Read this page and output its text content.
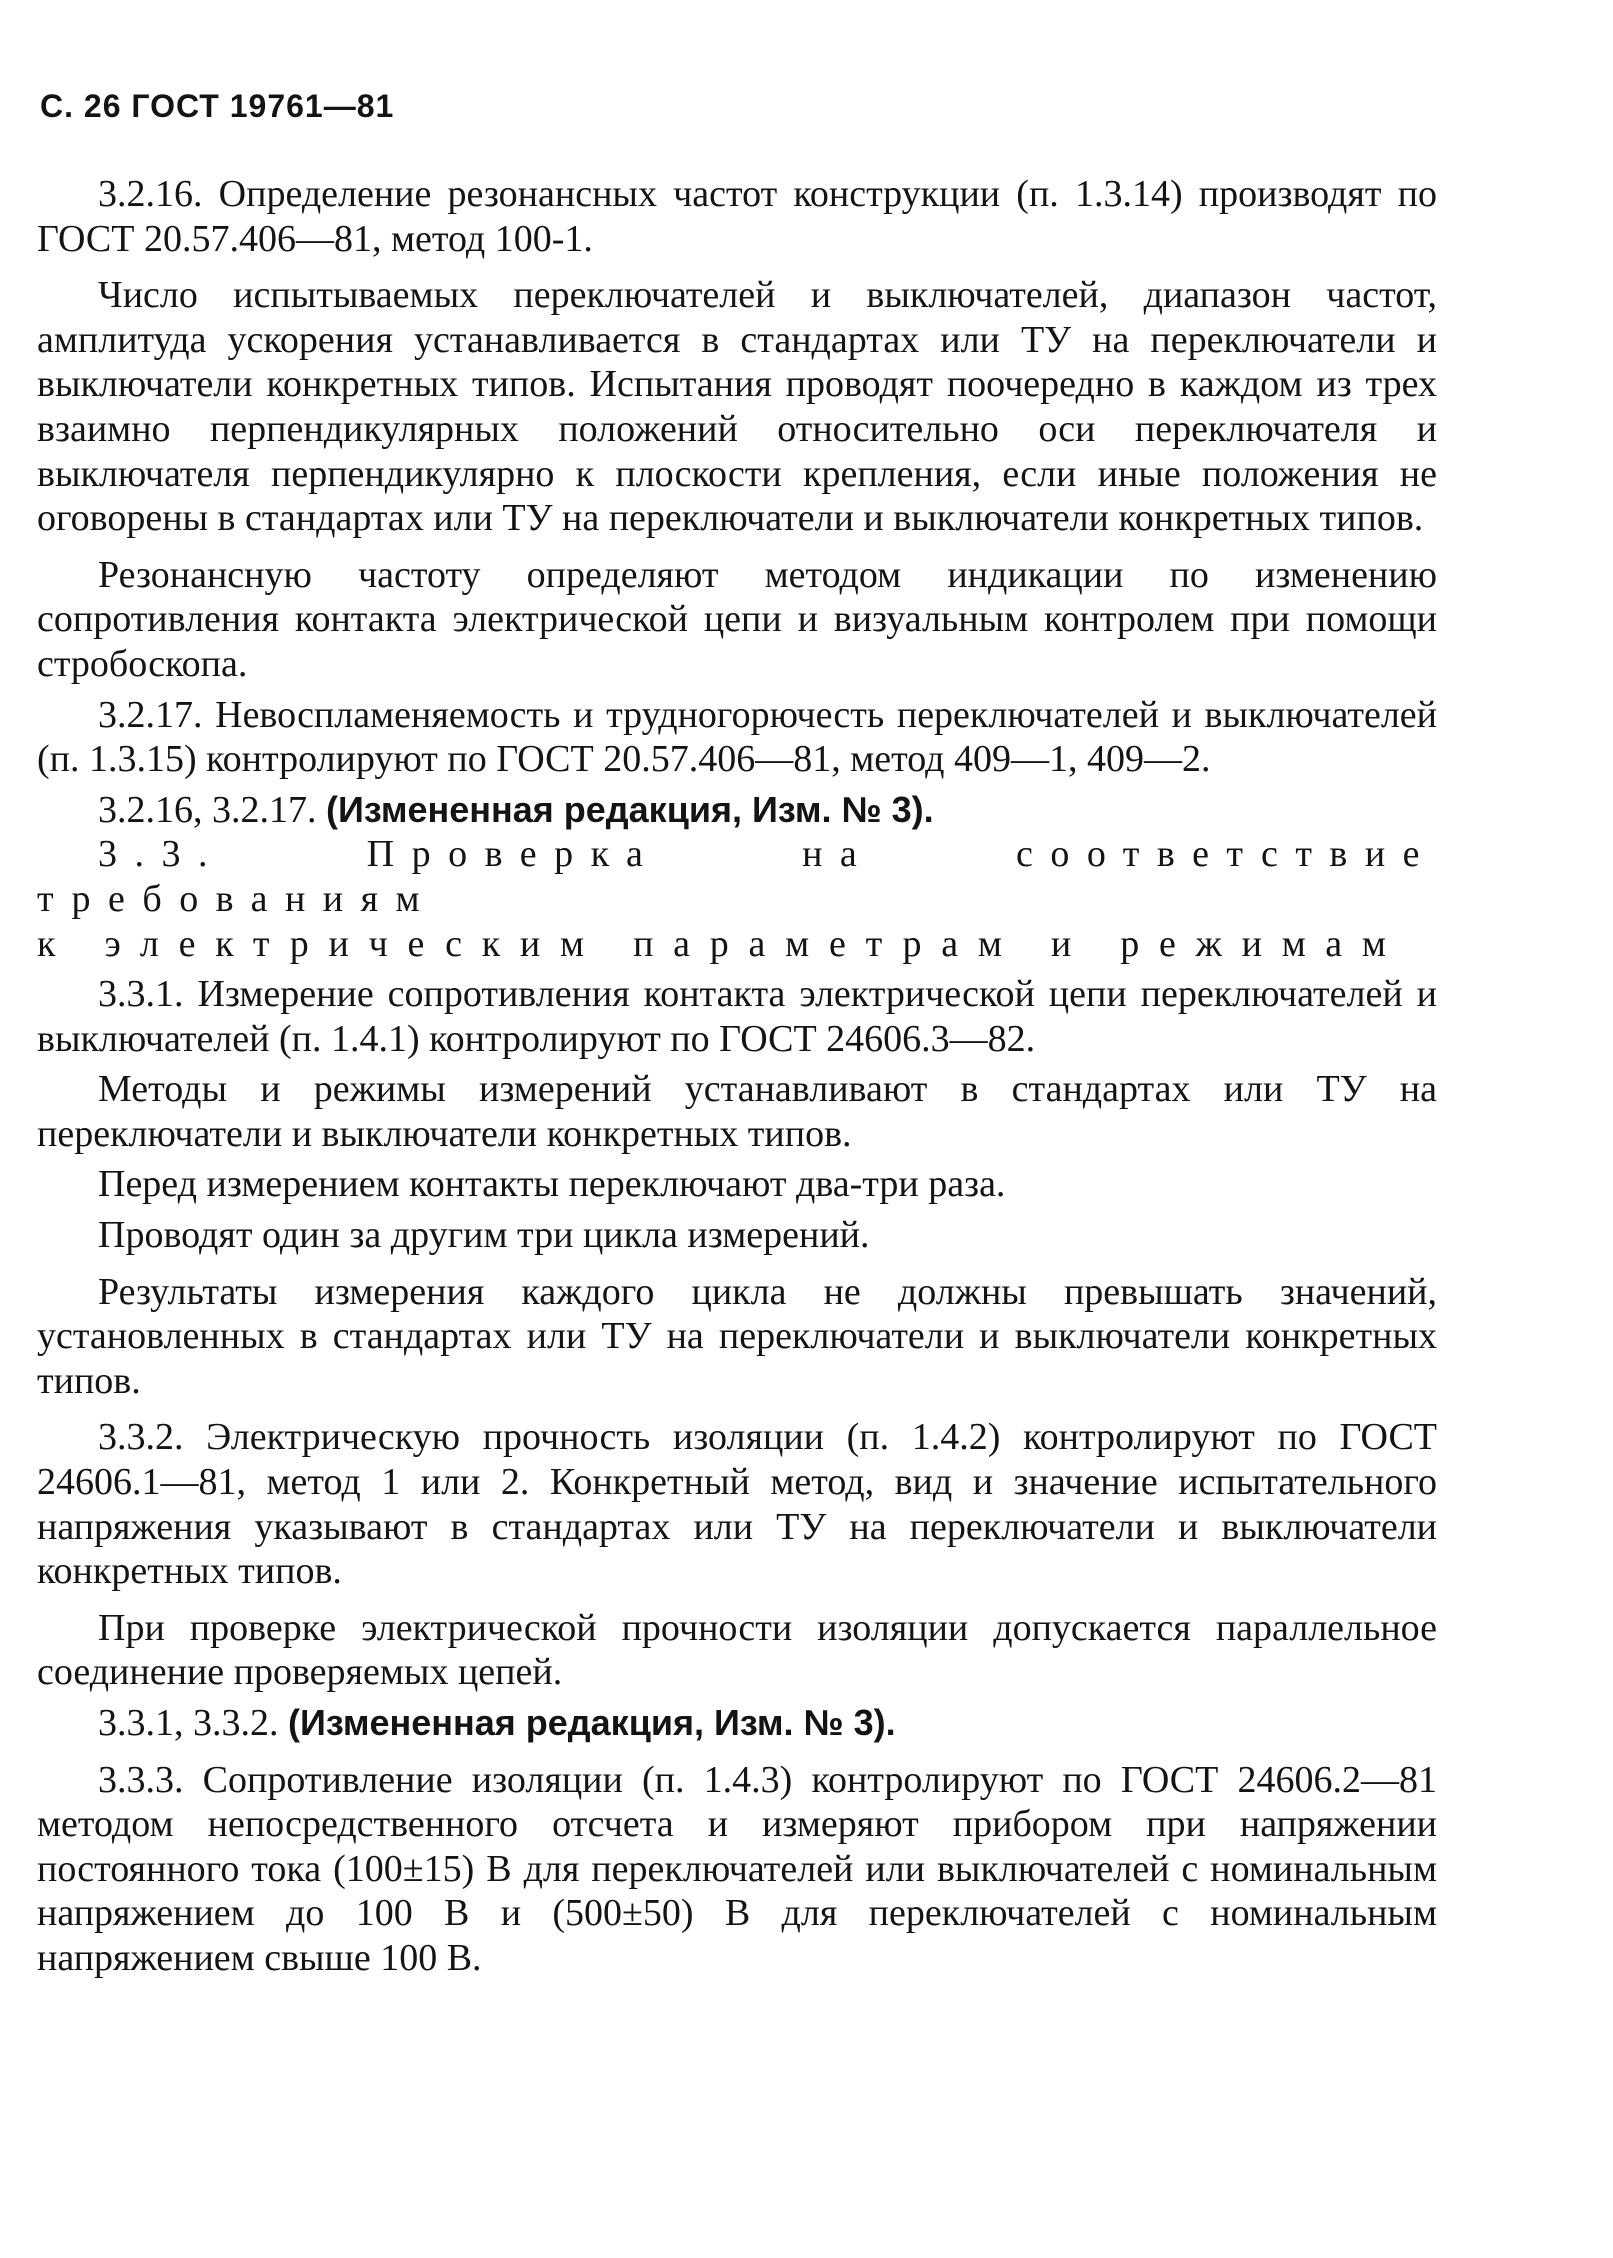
С. 26 ГОСТ 19761—81

3.2.16. Определение резонансных частот конструкции (п. 1.3.14) производят по ГОСТ 20.57.406—81, метод 100-1.

Число испытываемых переключателей и выключателей, диапазон частот, амплитуда ускорения устанавливается в стандартах или ТУ на переключатели и выключатели конкретных типов. Испытания проводят поочередно в каждом из трех взаимно перпендикулярных положений относительно оси переключателя и выключателя перпендикулярно к плоскости крепления, если иные положения не оговорены в стандартах или ТУ на переключатели и выключатели конкретных типов.

Резонансную частоту определяют методом индикации по изменению сопротивления контакта электрической цепи и визуальным контролем при помощи стробоскопа.

3.2.17. Невоспламеняемость и трудногорючесть переключателей и выключателей (п. 1.3.15) контролируют по ГОСТ 20.57.406—81, метод 409—1, 409—2.

3.2.16, 3.2.17. (Измененная редакция, Изм. № 3).

3.3. Проверка на соответствие требованиям

к электрическим параметрам и режимам

3.3.1. Измерение сопротивления контакта электрической цепи переключателей и выключателей (п. 1.4.1) контролируют по ГОСТ 24606.3—82.

Методы и режимы измерений устанавливают в стандартах или ТУ на переключатели и выключатели конкретных типов.

Перед измерением контакты переключают два-три раза.

Проводят один за другим три цикла измерений.

Результаты измерения каждого цикла не должны превышать значений, установленных в стандартах или ТУ на переключатели и выключатели конкретных типов.

3.3.2. Электрическую прочность изоляции (п. 1.4.2) контролируют по ГОСТ 24606.1—81, метод 1 или 2. Конкретный метод, вид и значение испытательного напряжения указывают в стандартах или ТУ на переключатели и выключатели конкретных типов.

При проверке электрической прочности изоляции допускается параллельное соединение проверяемых цепей.

3.3.1, 3.3.2. (Измененная редакция, Изм. № 3).

3.3.3. Сопротивление изоляции (п. 1.4.3) контролируют по ГОСТ 24606.2—81 методом непосредственного отсчета и измеряют прибором при напряжении постоянного тока (100±15) В для переключателей или выключателей с номинальным напряжением до 100 В и (500±50) В для переключателей с номинальным напряжением свыше 100 В.
